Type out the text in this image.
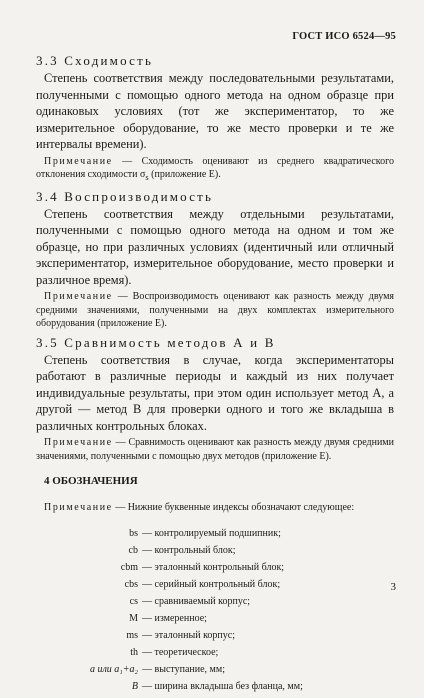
ГОСТ ИСО 6524—95
3.3 Сходимость

Степень соответствия между последовательными результатами, полученными с помощью одного метода на одном образце при одинаковых условиях (тот же экспериментатор, то же измерительное оборудование, то же место проверки и те же интервалы времени).

Примечание — Сходимость оценивают из среднего квадратического отклонения сходимости $\sigma_s$ (приложение Е).

3.4 Воспроизводимость

Степень соответствия между отдельными результатами, полученными с помощью одного метода на одном и том же образце, но при различных условиях (идентичный или отличный экспериментатор, измерительное оборудование, место проверки и различное время).

Примечание — Воспроизводимость оценивают как разность между двумя средними значениями, полученными на двух комплектах измерительного оборудования (приложение Е).

3.5 Сравнимость методов А и В

Степень соответствия в случае, когда экспериментаторы работают в различные периоды и каждый из них получает индивидуальные результаты, при этом один использует метод А, а другой — метод В для проверки одного и того же вкладыша в различных контрольных блоках.

Примечание — Сравнимость оценивают как разность между двумя средними значениями, полученными с помощью двух методов (приложение Е).

4 ОБОЗНАЧЕНИЯ
Примечание — Нижние буквенные индексы обозначают следующее:
bs — контролируемый подшипник;
cb — контрольный блок;
cbm — эталонный контрольный блок;
cbs — серийный контрольный блок;
cs — сравниваемый корпус;
M — измеренное;
ms — эталонный корпус;
th — теоретическое;
a или a₁+a₂ — выступание, мм;
B — ширина вкладыша без фланца, мм;
3
